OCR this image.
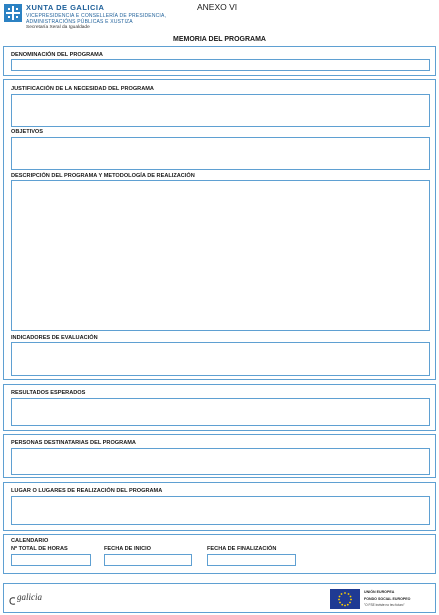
XUNTA DE GALICIA
VICEPRESIDENCIA E CONSELLERÍA DE PRESIDENCIA,
ADMINISTRACIÓNS PÚBLICAS E XUSTIZA
Secretaría Xeral da Igualdade
ANEXO VI
MEMORIA DEL PROGRAMA
DENOMINACIÓN DEL PROGRAMA
JUSTIFICACIÓN DE LA NECESIDAD DEL PROGRAMA
OBJETIVOS
DESCRIPCIÓN DEL PROGRAMA Y METODOLOGÍA DE REALIZACIÓN
INDICADORES DE EVALUACIÓN
RESULTADOS ESPERADOS
PERSONAS DESTINATARIAS DEL PROGRAMA
LUGAR O LUGARES DE REALIZACIÓN DEL PROGRAMA
CALENDARIO
Nº TOTAL DE HORAS	FECHA DE INICIO	FECHA DE FINALIZACIÓN
galicia	UNIÓN EUROPEA
FONDO SOCIAL EUROPEO
"O FSE inviste no teu futuro"
